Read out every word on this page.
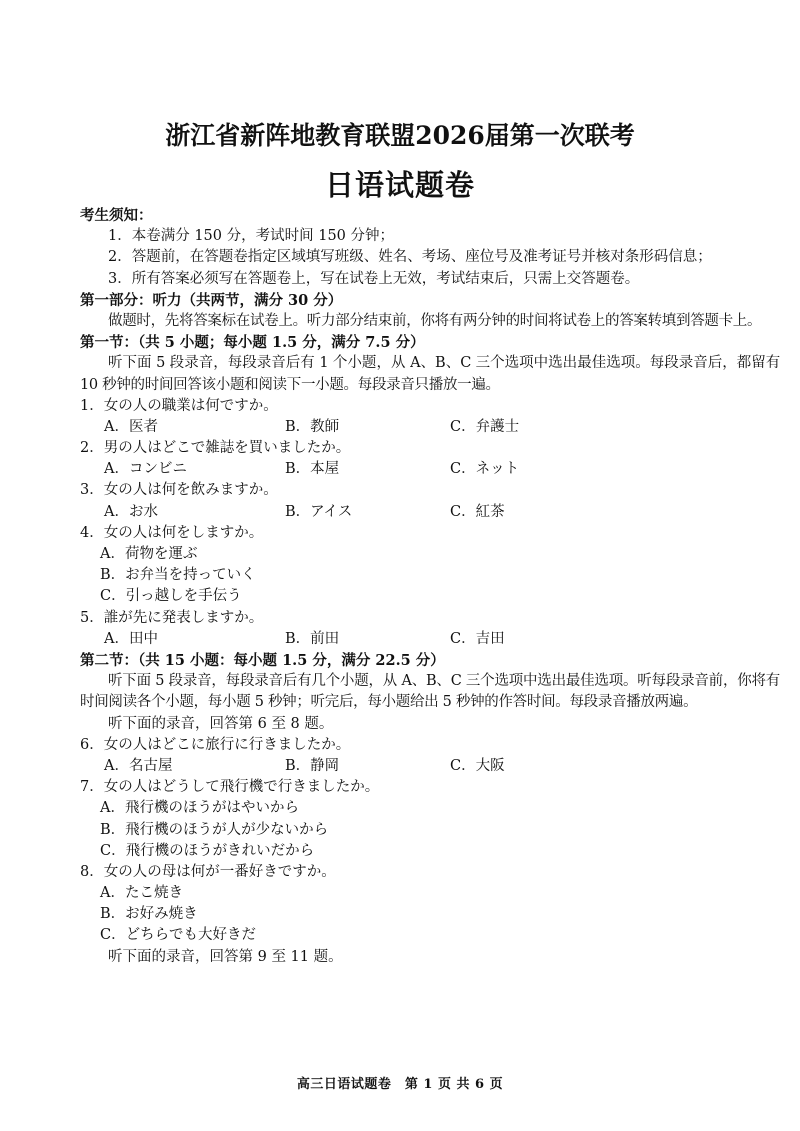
浙江省新阵地教育联盟2026届第一次联考
日语试题卷
考生须知：
1．本卷满分 150 分，考试时间 150 分钟；
2．答题前，在答题卷指定区域填写班级、姓名、考场、座位号及准考证号并核对条形码信息；
3．所有答案必须写在答题卷上，写在试卷上无效，考试结束后，只需上交答题卷。
第一部分：听力（共两节，满分 30 分）
做题时，先将答案标在试卷上。听力部分结束前，你将有两分钟的时间将试卷上的答案转填到答题卡上。
第一节：（共 5 小题；每小题 1.5 分，满分 7.5 分）
听下面 5 段录音，每段录音后有 1 个小题，从 A、B、C 三个选项中选出最佳选项。每段录音后，都留有 10 秒钟的时间回答该小题和阅读下一小题。每段录音只播放一遍。
1．女の人の職業は何ですか。
A．医者	B．教師	C．弁護士
2．男の人はどこで雑誌を買いましたか。
A．コンビニ	B．本屋	C．ネット
3．女の人は何を飲みますか。
A．お水	B．アイス	C．紅茶
4．女の人は何をしますか。
A．荷物を運ぶ
B．お弁当を持っていく
C．引っ越しを手伝う
5．誰が先に発表しますか。
A．田中	B．前田	C．吉田
第二节：（共 15 小题：每小题 1.5 分，满分 22.5 分）
听下面 5 段录音，每段录音后有几个小题，从 A、B、C 三个选项中选出最佳选项。听每段录音前，你将有时间阅读各个小题，每小题 5 秒钟；听完后，每小题给出 5 秒钟的作答时间。每段录音播放两遍。
听下面的录音，回答第 6 至 8 题。
6．女の人はどこに旅行に行きましたか。
A．名古屋	B．静岡	C．大阪
7．女の人はどうして飛行機で行きましたか。
A．飛行機のほうがはやいから
B．飛行機のほうが人が少ないから
C．飛行機のほうがきれいだから
8．女の人の母は何が一番好きですか。
A．たこ焼き
B．お好み焼き
C．どちらでも大好きだ
听下面的录音，回答第 9 至 11 题。
高三日语试题卷　第 1 页 共 6 页
